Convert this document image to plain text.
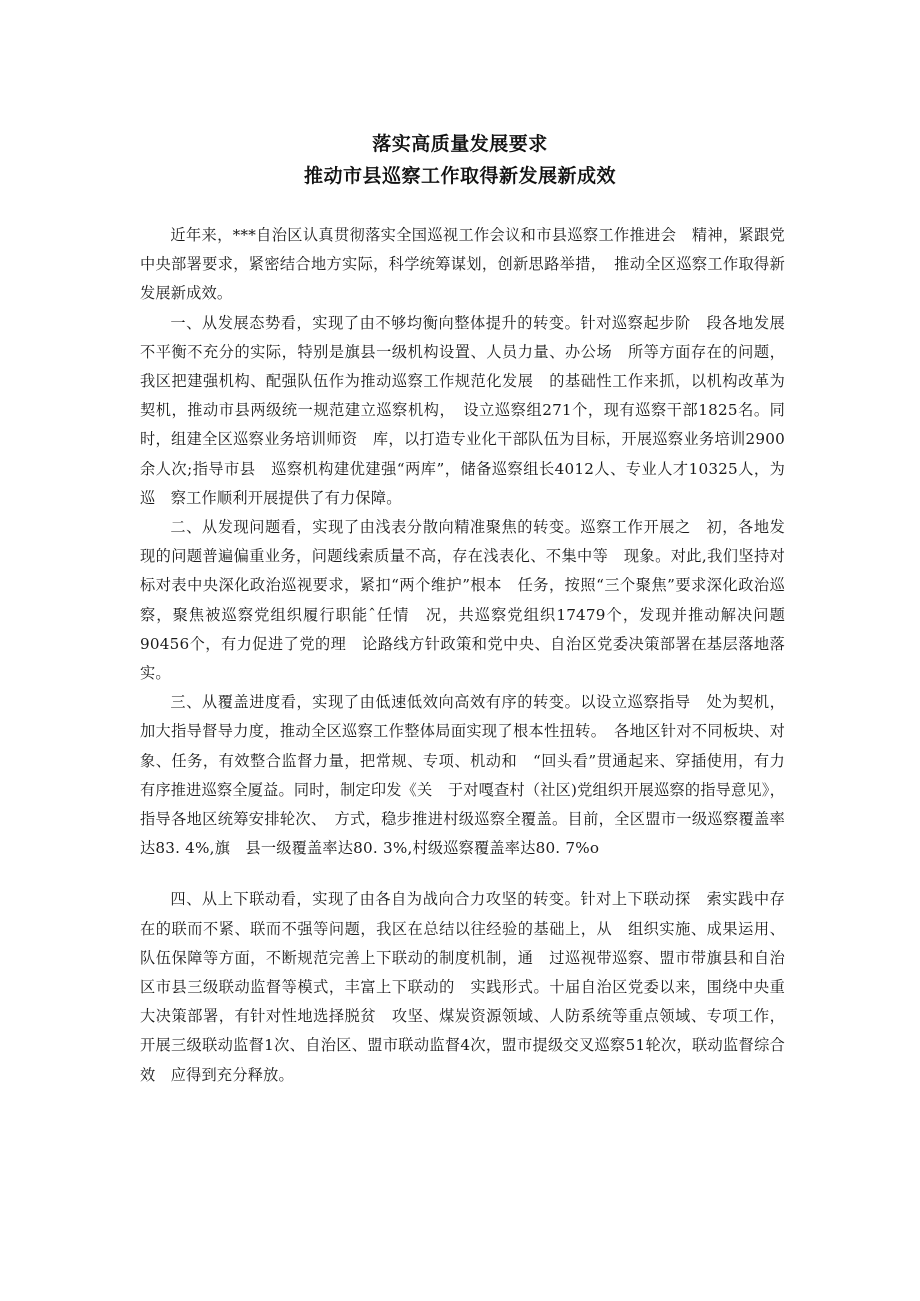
落实高质量发展要求
推动市县巡察工作取得新发展新成效

近年来，***自治区认真贯彻落实全国巡视工作会议和市县巡察工作推进会　精神，紧跟党中央部署要求，紧密结合地方实际，科学统筹谋划，创新思路举措，　推动全区巡察工作取得新发展新成效。

一、从发展态势看，实现了由不够均衡向整体提升的转变。针对巡察起步阶　段各地发展不平衡不充分的实际，特别是旗县一级机构设置、人员力量、办公场　所等方面存在的问题，我区把建强机构、配强队伍作为推动巡察工作规范化发展　的基础性工作来抓，以机构改革为契机，推动市县两级统一规范建立巡察机构，　设立巡察组271个，现有巡察干部1825名。同时，组建全区巡察业务培训师资　库，以打造专业化干部队伍为目标，开展巡察业务培训2900余人次;指导市县　巡察机构建优建强“两库”，储备巡察组长4012人、专业人才10325人，为巡　察工作顺利开展提供了有力保障。

二、从发现问题看，实现了由浅表分散向精准聚焦的转变。巡察工作开展之　初，各地发现的问题普遍偏重业务，问题线索质量不高，存在浅表化、不集中等　现象。对此,我们坚持对标对表中央深化政治巡视要求，紧扣“两个维护”根本　任务，按照“三个聚焦”要求深化政治巡察，聚焦被巡察党组织履行职能ˆ任情　况，共巡察党组织17479个，发现并推动解决问题90456个，有力促进了党的理　论路线方针政策和党中央、自治区党委决策部署在基层落地落实。

三、从覆盖进度看，实现了由低速低效向高效有序的转变。以设立巡察指导　处为契机，加大指导督导力度，推动全区巡察工作整体局面实现了根本性扭转。　各地区针对不同板块、对象、任务，有效整合监督力量，把常规、专项、机动和　“回头看”贯通起来、穿插使用，有力有序推进巡察全厦益。同时，制定印发《关　于对嘎查村（社区)党组织开展巡察的指导意见》，指导各地区统筹安排轮次、　方式，稳步推进村级巡察全覆盖。目前，全区盟市一级巡察覆盖率达83. 4%,旗　县一级覆盖率达80. 3%,村级巡察覆盖率达80. 7%o

四、从上下联动看，实现了由各自为战向合力攻坚的转变。针对上下联动探　索实践中存在的联而不紧、联而不强等问题，我区在总结以往经验的基础上，从　组织实施、成果运用、队伍保障等方面，不断规范完善上下联动的制度机制，通　过巡视带巡察、盟市带旗县和自治区市县三级联动监督等模式，丰富上下联动的　实践形式。十届自治区党委以来，围绕中央重大决策部署，有针对性地选择脱贫　攻坚、煤炭资源领域、人防系统等重点领域、专项工作，开展三级联动监督1次、自治区、盟市联动监督4次，盟市提级交叉巡察51轮次，联动监督综合效　应得到充分释放。
